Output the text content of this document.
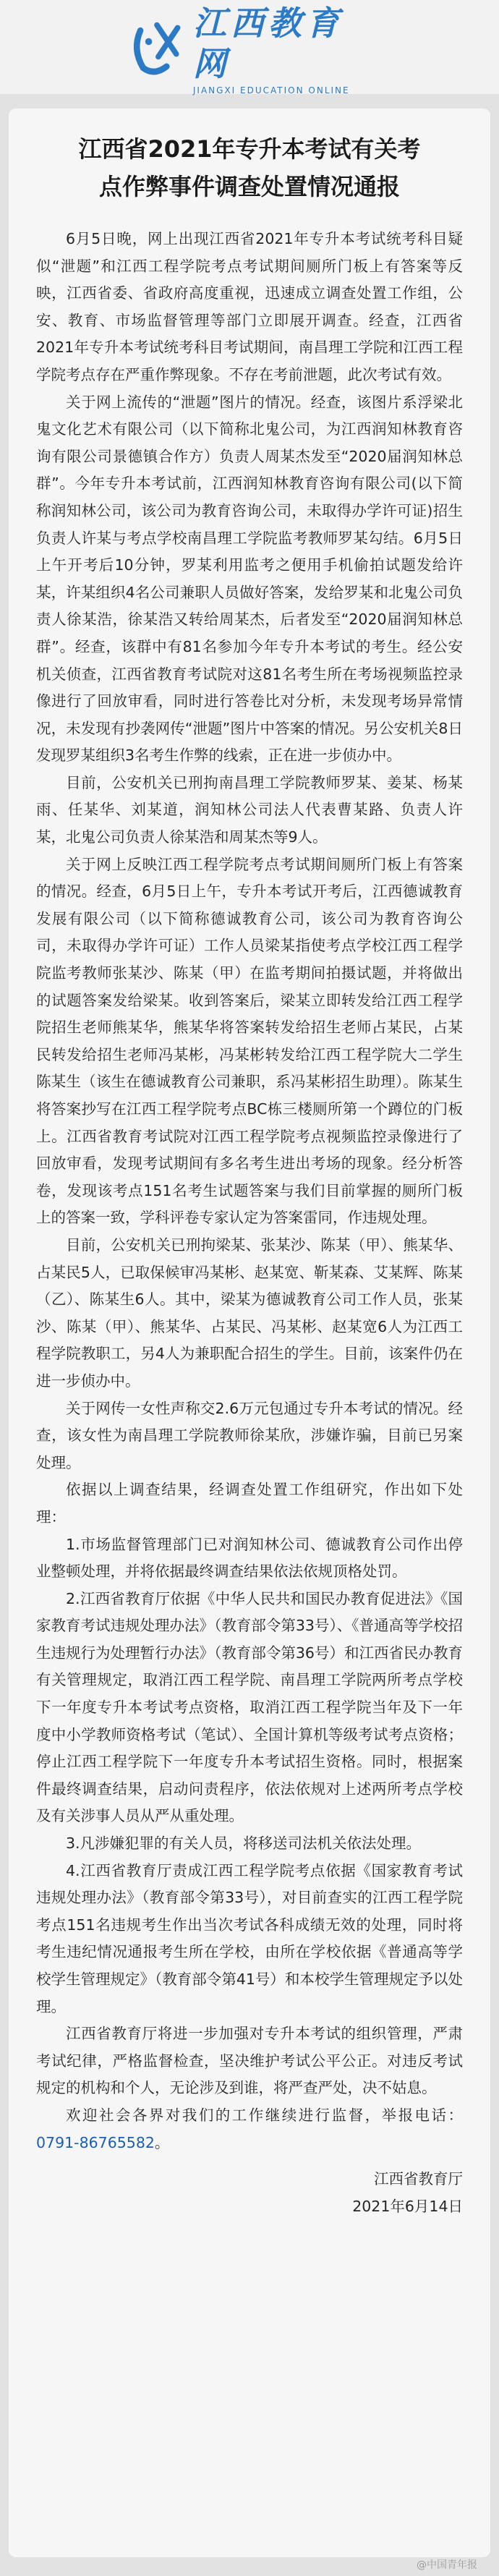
江西教育网
JIANGXI EDUCATION ONLINE
江西省2021年专升本考试有关考
点作弊事件调查处置情况通报

6月5日晚，网上出现江西省2021年专升本考试统考科目疑似“泄题”和江西工程学院考点考试期间厕所门板上有答案等反映，江西省委、省政府高度重视，迅速成立调查处置工作组，公安、教育、市场监督管理等部门立即展开调查。经查，江西省2021年专升本考试统考科目考试期间，南昌理工学院和江西工程学院考点存在严重作弊现象。不存在考前泄题，此次考试有效。

关于网上流传的“泄题”图片的情况。经查，该图片系浮梁北鬼文化艺术有限公司（以下简称北鬼公司，为江西润知林教育咨询有限公司景德镇合作方）负责人周某杰发至“2020届润知林总群”。今年专升本考试前，江西润知林教育咨询有限公司(以下简称润知林公司，该公司为教育咨询公司，未取得办学许可证)招生负责人许某与考点学校南昌理工学院监考教师罗某勾结。6月5日上午开考后10分钟，罗某利用监考之便用手机偷拍试题发给许某，许某组织4名公司兼职人员做好答案，发给罗某和北鬼公司负责人徐某浩，徐某浩又转给周某杰，后者发至“2020届润知林总群”。经查，该群中有81名参加今年专升本考试的考生。经公安机关侦查，江西省教育考试院对这81名考生所在考场视频监控录像进行了回放审看，同时进行答卷比对分析，未发现考场异常情况，未发现有抄袭网传“泄题”图片中答案的情况。另公安机关8日发现罗某组织3名考生作弊的线索，正在进一步侦办中。

目前，公安机关已刑拘南昌理工学院教师罗某、姜某、杨某雨、任某华、刘某道，润知林公司法人代表曹某路、负责人许某，北鬼公司负责人徐某浩和周某杰等9人。

关于网上反映江西工程学院考点考试期间厕所门板上有答案的情况。经查，6月5日上午，专升本考试开考后，江西德诚教育发展有限公司（以下简称德诚教育公司，该公司为教育咨询公司，未取得办学许可证）工作人员梁某指使考点学校江西工程学院监考教师张某沙、陈某（甲）在监考期间拍摄试题，并将做出的试题答案发给梁某。收到答案后，梁某立即转发给江西工程学院招生老师熊某华，熊某华将答案转发给招生老师占某民，占某民转发给招生老师冯某彬，冯某彬转发给江西工程学院大二学生陈某生（该生在德诚教育公司兼职，系冯某彬招生助理）。陈某生将答案抄写在江西工程学院考点BC栋三楼厕所第一个蹲位的门板上。江西省教育考试院对江西工程学院考点视频监控录像进行了回放审看，发现考试期间有多名考生进出考场的现象。经分析答卷，发现该考点151名考生试题答案与我们目前掌握的厕所门板上的答案一致，学科评卷专家认定为答案雷同，作违规处理。

目前，公安机关已刑拘梁某、张某沙、陈某（甲）、熊某华、占某民5人，已取保候审冯某彬、赵某宽、靳某森、艾某辉、陈某（乙）、陈某生6人。其中，梁某为德诚教育公司工作人员，张某沙、陈某（甲）、熊某华、占某民、冯某彬、赵某宽6人为江西工程学院教职工，另4人为兼职配合招生的学生。目前，该案件仍在进一步侦办中。

关于网传一女性声称交2.6万元包通过专升本考试的情况。经查，该女性为南昌理工学院教师徐某欣，涉嫌诈骗，目前已另案处理。

依据以上调查结果，经调查处置工作组研究，作出如下处理：

1.市场监督管理部门已对润知林公司、德诚教育公司作出停业整顿处理，并将依据最终调查结果依法依规顶格处罚。

2.江西省教育厅依据《中华人民共和国民办教育促进法》《国家教育考试违规处理办法》（教育部令第33号）、《普通高等学校招生违规行为处理暂行办法》（教育部令第36号）和江西省民办教育有关管理规定，取消江西工程学院、南昌理工学院两所考点学校下一年度专升本考试考点资格，取消江西工程学院当年及下一年度中小学教师资格考试（笔试）、全国计算机等级考试考点资格；停止江西工程学院下一年度专升本考试招生资格。同时，根据案件最终调查结果，启动问责程序，依法依规对上述两所考点学校及有关涉事人员从严从重处理。

3.凡涉嫌犯罪的有关人员，将移送司法机关依法处理。

4.江西省教育厅责成江西工程学院考点依据《国家教育考试违规处理办法》（教育部令第33号），对目前查实的江西工程学院考点151名违规考生作出当次考试各科成绩无效的处理，同时将考生违纪情况通报考生所在学校，由所在学校依据《普通高等学校学生管理规定》（教育部令第41号）和本校学生管理规定予以处理。

江西省教育厅将进一步加强对专升本考试的组织管理，严肃考试纪律，严格监督检查，坚决维护考试公平公正。对违反考试规定的机构和个人，无论涉及到谁，将严查严处，决不姑息。

欢迎社会各界对我们的工作继续进行监督，举报电话：0791-86765582。

江西省教育厅
2021年6月14日
@中国青年报
